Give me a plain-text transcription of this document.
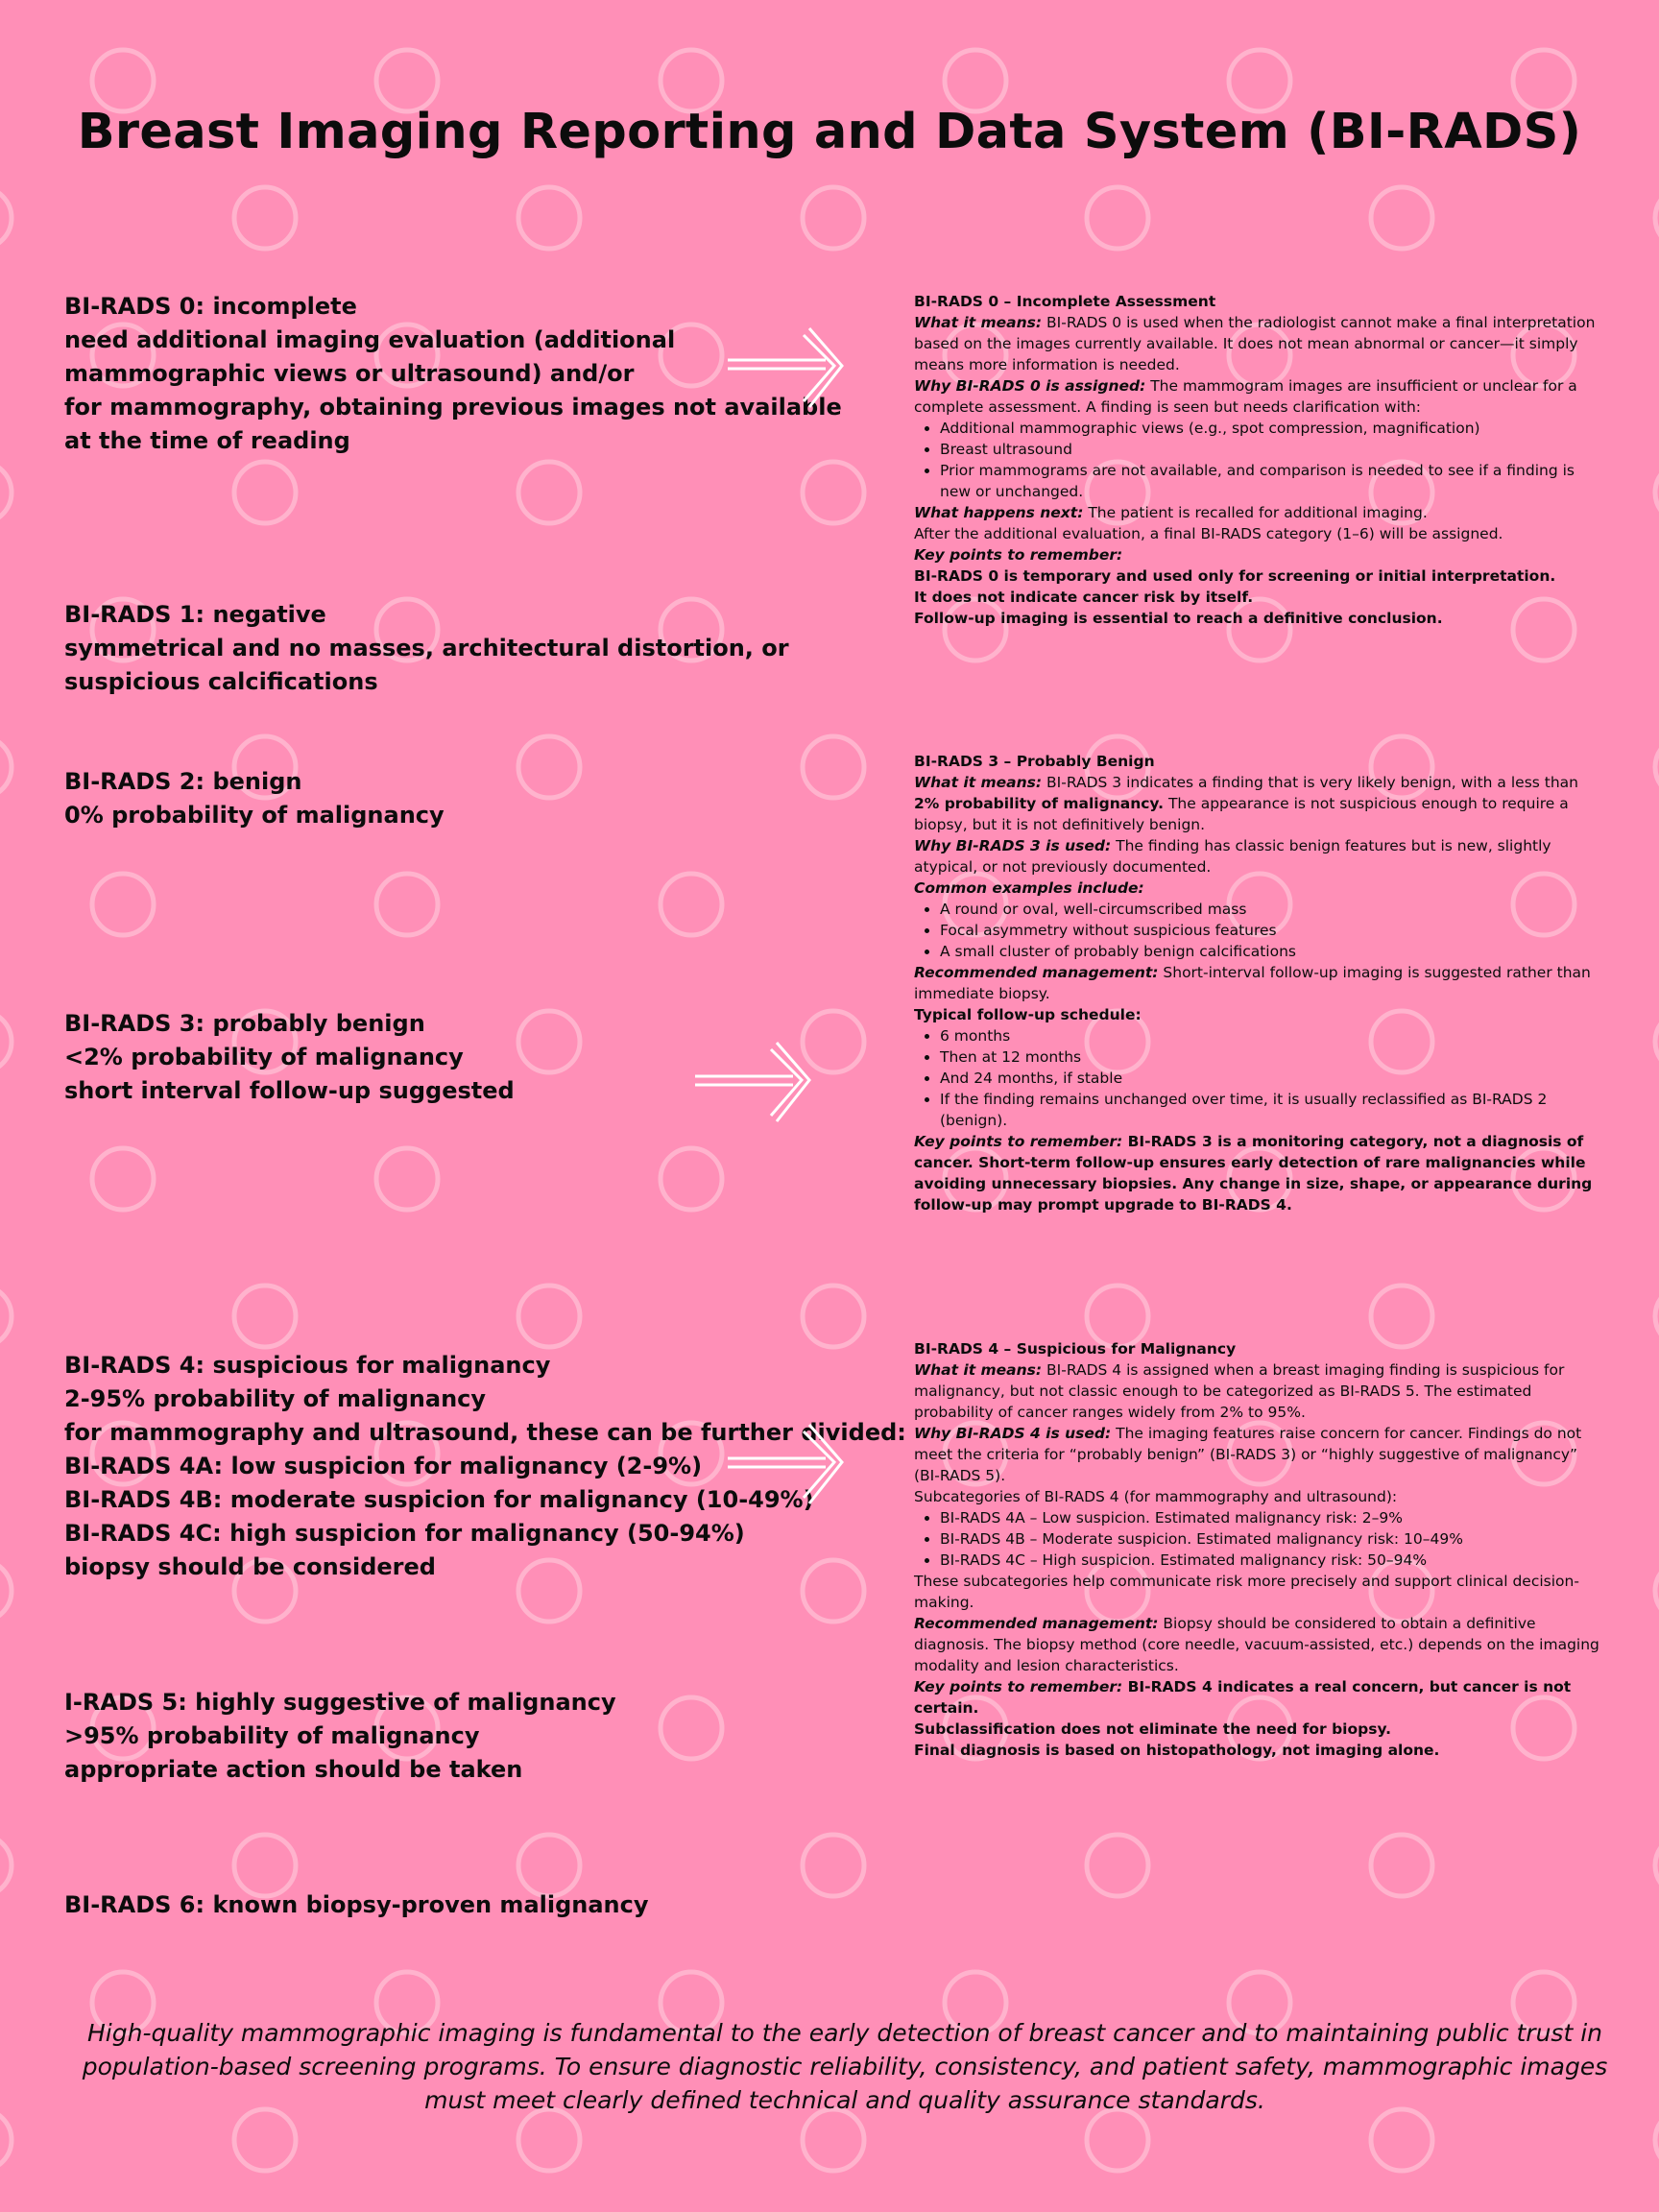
Breast Imaging Reporting and Data System (BI-RADS)
BI-RADS 0: incomplete
need additional imaging evaluation (additional
mammographic views or ultrasound) and/or
for mammography, obtaining previous images not available
at the time of reading
BI-RADS 1: negative
symmetrical and no masses, architectural distortion, or
suspicious calcifications
BI-RADS 2: benign
0% probability of malignancy
BI-RADS 3: probably benign
<2% probability of malignancy
short interval follow-up suggested
BI-RADS 4: suspicious for malignancy
2-95% probability of malignancy
for mammography and ultrasound, these can be further divided:
BI-RADS 4A: low suspicion for malignancy (2-9%)
BI-RADS 4B: moderate suspicion for malignancy (10-49%)
BI-RADS 4C: high suspicion for malignancy (50-94%)
biopsy should be considered
I-RADS 5: highly suggestive of malignancy
>95% probability of malignancy
appropriate action should be taken
BI-RADS 6: known biopsy-proven malignancy

BI-RADS 0 – Incomplete Assessment

What it means: BI-RADS 0 is used when the radiologist cannot make a final interpretation based on the images currently available. It does not mean abnormal or cancer—it simply means more information is needed.

Why BI-RADS 0 is assigned: The mammogram images are insufficient or unclear for a complete assessment. A finding is seen but needs clarification with:

• Additional mammographic views (e.g., spot compression, magnification)
• Breast ultrasound
• Prior mammograms are not available, and comparison is needed to see if a finding is new or unchanged.

What happens next: The patient is recalled for additional imaging.

After the additional evaluation, a final BI-RADS category (1–6) will be assigned.

Key points to remember:

BI-RADS 0 is temporary and used only for screening or initial interpretation.

It does not indicate cancer risk by itself.

Follow-up imaging is essential to reach a definitive conclusion.

BI-RADS 3 – Probably Benign

What it means: BI-RADS 3 indicates a finding that is very likely benign, with a less than 2% probability of malignancy. The appearance is not suspicious enough to require a biopsy, but it is not definitively benign.

Why BI-RADS 3 is used: The finding has classic benign features but is new, slightly atypical, or not previously documented.

Common examples include:

• A round or oval, well-circumscribed mass
• Focal asymmetry without suspicious features
• A small cluster of probably benign calcifications

Recommended management: Short-interval follow-up imaging is suggested rather than immediate biopsy.

Typical follow-up schedule:

• 6 months
• Then at 12 months
• And 24 months, if stable
• If the finding remains unchanged over time, it is usually reclassified as BI-RADS 2 (benign).

Key points to remember: BI-RADS 3 is a monitoring category, not a diagnosis of cancer. Short-term follow-up ensures early detection of rare malignancies while avoiding unnecessary biopsies. Any change in size, shape, or appearance during follow-up may prompt upgrade to BI-RADS 4.

BI-RADS 4 – Suspicious for Malignancy

What it means: BI-RADS 4 is assigned when a breast imaging finding is suspicious for malignancy, but not classic enough to be categorized as BI-RADS 5. The estimated probability of cancer ranges widely from 2% to 95%.

Why BI-RADS 4 is used: The imaging features raise concern for cancer. Findings do not meet the criteria for “probably benign” (BI-RADS 3) or “highly suggestive of malignancy” (BI-RADS 5).

Subcategories of BI-RADS 4 (for mammography and ultrasound):

• BI-RADS 4A – Low suspicion. Estimated malignancy risk: 2–9%
• BI-RADS 4B – Moderate suspicion. Estimated malignancy risk: 10–49%
• BI-RADS 4C – High suspicion. Estimated malignancy risk: 50–94%

These subcategories help communicate risk more precisely and support clinical decision-making.

Recommended management: Biopsy should be considered to obtain a definitive diagnosis. The biopsy method (core needle, vacuum-assisted, etc.) depends on the imaging modality and lesion characteristics.

Key points to remember: BI-RADS 4 indicates a real concern, but cancer is not certain.

Subclassification does not eliminate the need for biopsy.

Final diagnosis is based on histopathology, not imaging alone.

High-quality mammographic imaging is fundamental to the early detection of breast cancer and to maintaining public trust in population-based screening programs. To ensure diagnostic reliability, consistency, and patient safety, mammographic images must meet clearly defined technical and quality assurance standards.
